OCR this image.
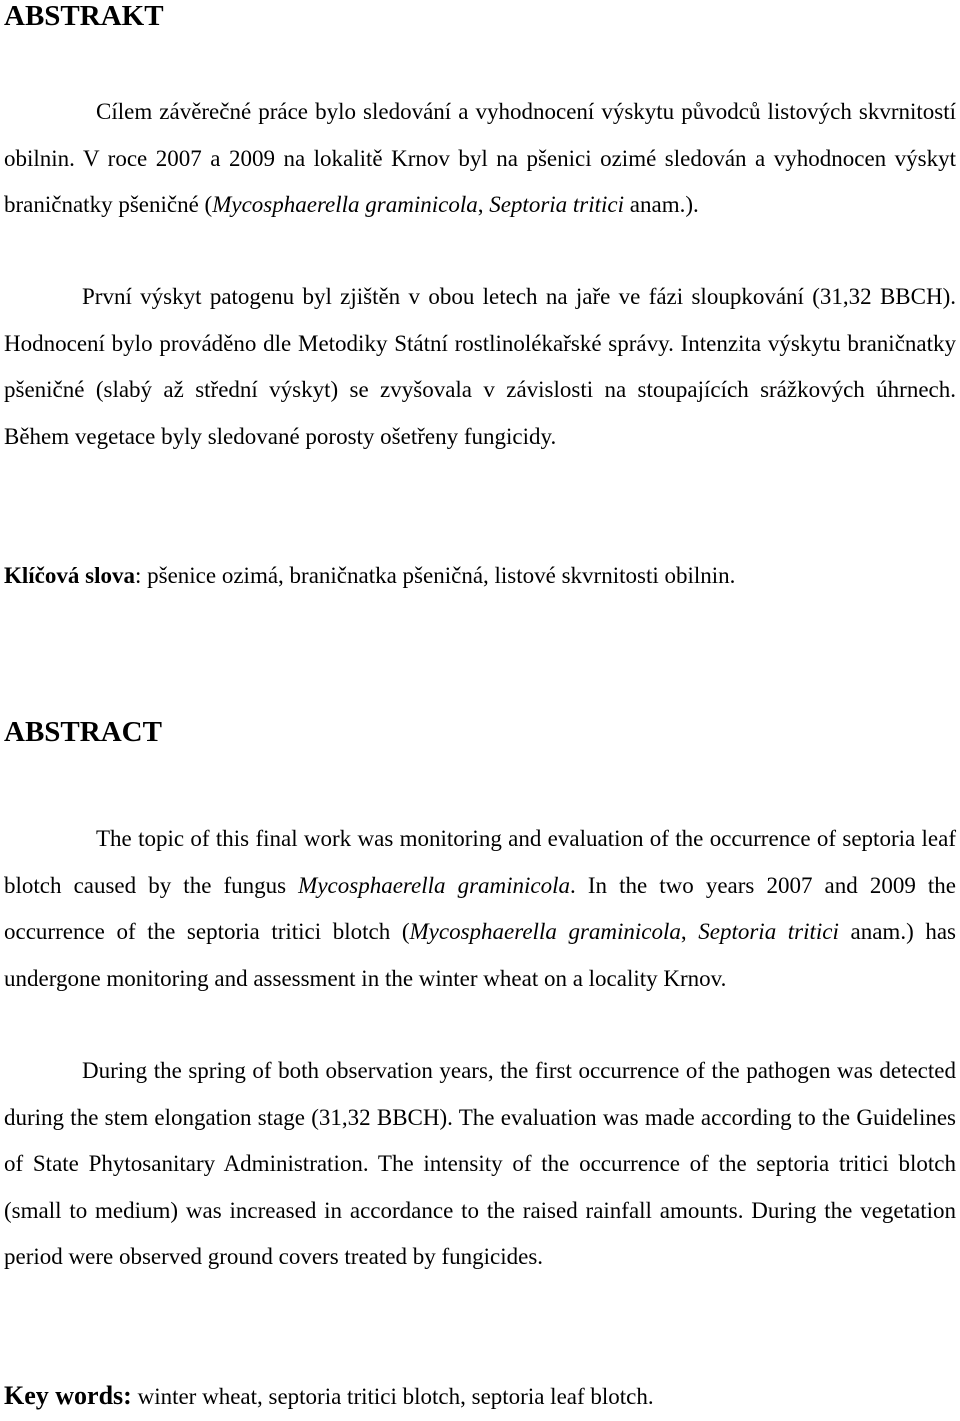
ABSTRAKT

Cílem závěrečné práce bylo sledování a vyhodnocení výskytu původců listových skvrnitostí obilnin. V roce 2007 a 2009 na lokalitě Krnov byl na pšenici ozimé sledován a vyhodnocen výskyt braničnatky pšeničné (Mycosphaerella graminicola, Septoria tritici anam.).

První výskyt patogenu byl zjištěn v obou letech na jaře ve fázi sloupkování (31,32 BBCH). Hodnocení bylo prováděno dle Metodiky Státní rostlinolékařské správy. Intenzita výskytu braničnatky pšeničné (slabý až střední výskyt) se zvyšovala v závislosti na stoupajících srážkových úhrnech. Během vegetace byly sledované porosty ošetřeny fungicidy.

Klíčová slova: pšenice ozimá, braničnatka pšeničná, listové skvrnitosti obilnin.

ABSTRACT

The topic of this final work was monitoring and evaluation of the occurrence of septoria leaf blotch caused by the fungus Mycosphaerella graminicola. In the two years 2007 and 2009 the occurrence of the septoria tritici blotch (Mycosphaerella graminicola, Septoria tritici anam.) has undergone monitoring and assessment in the winter wheat on a locality Krnov.

During the spring of both observation years, the first occurrence of the pathogen was detected during the stem elongation stage (31,32 BBCH). The evaluation was made according to the Guidelines of State Phytosanitary Administration. The intensity of the occurrence of the septoria tritici blotch (small to medium) was increased in accordance to the raised rainfall amounts. During the vegetation period were observed ground covers treated by fungicides.

Key words: winter wheat, septoria tritici blotch, septoria leaf blotch.
